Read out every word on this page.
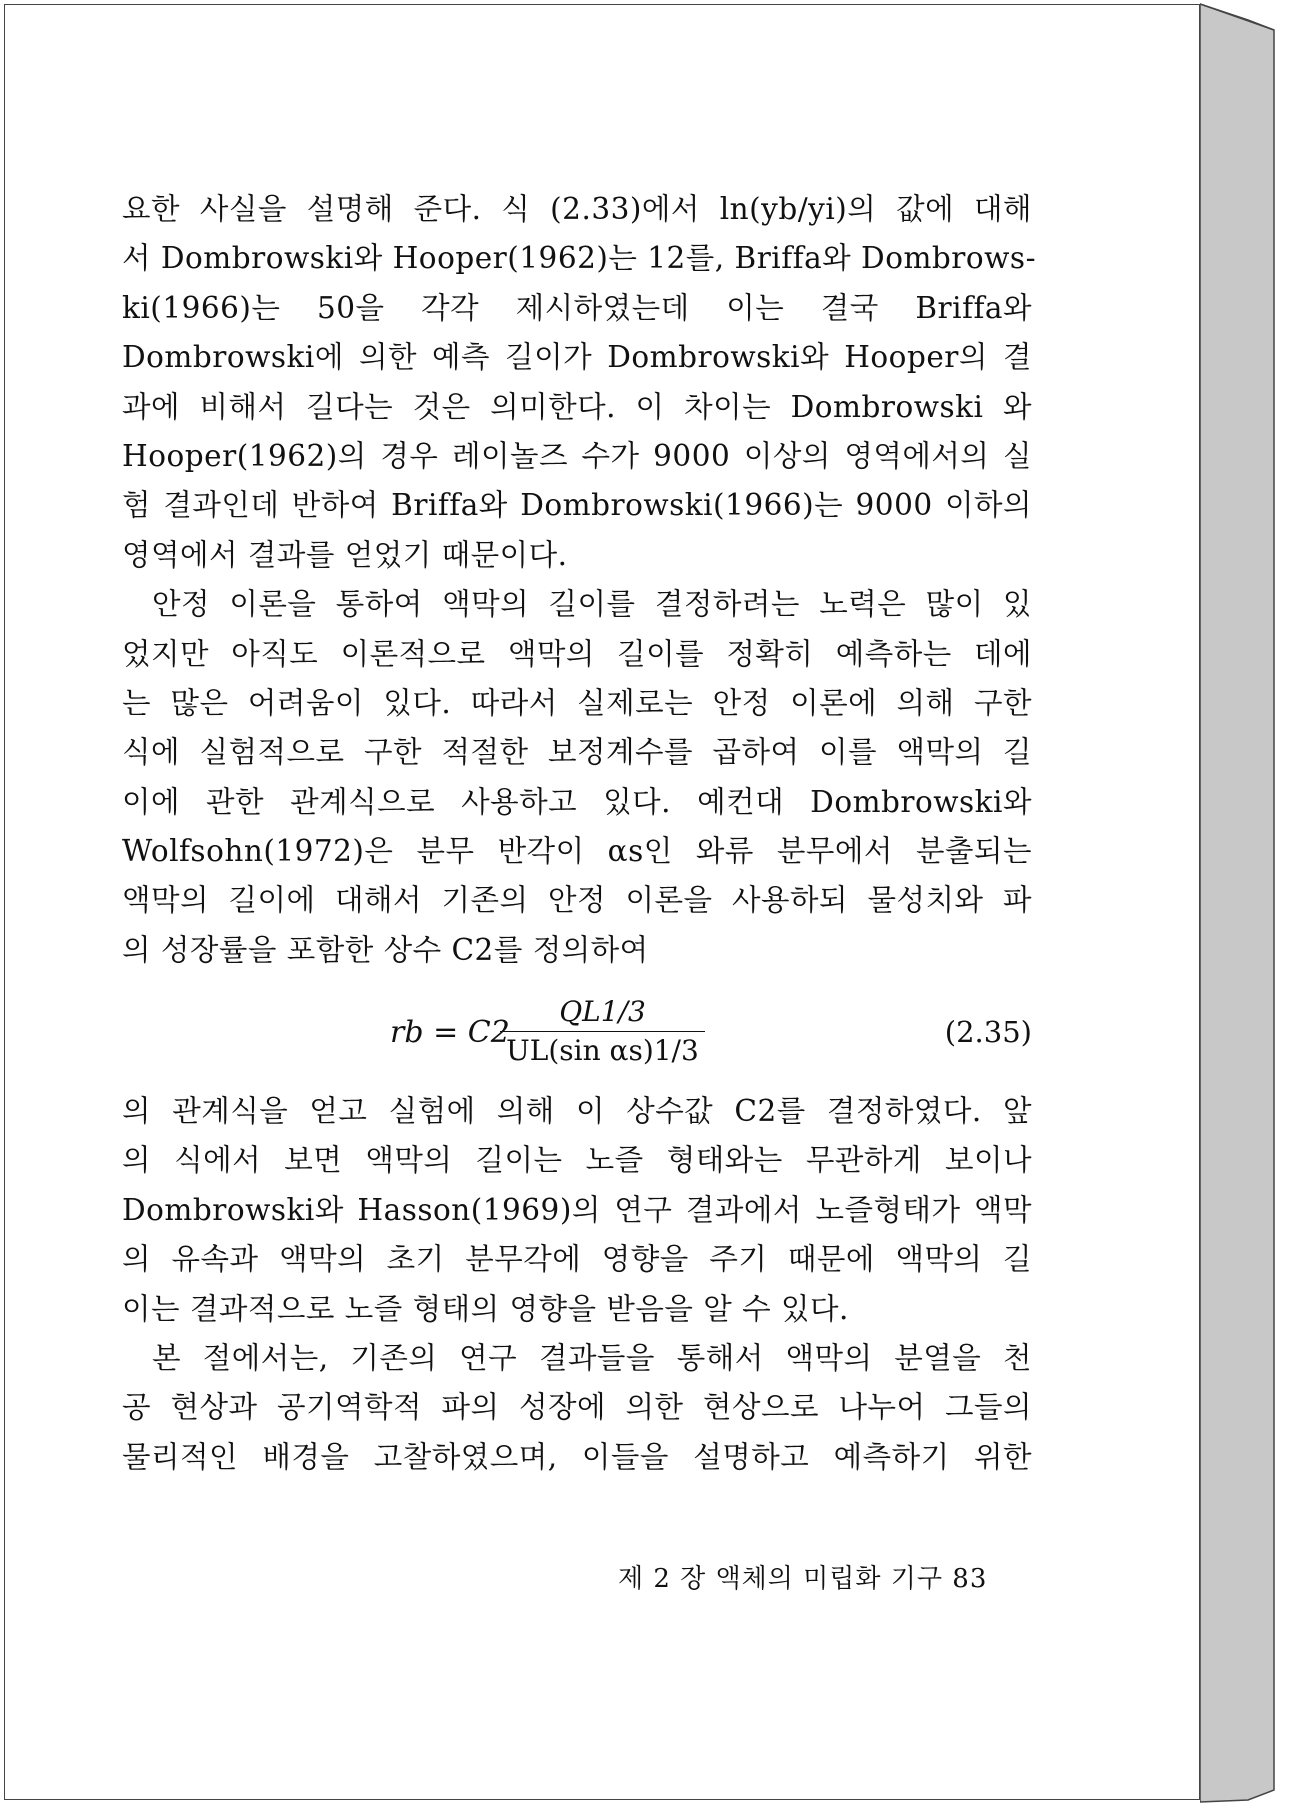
요한 사실을 설명해 준다. 식 (2.33)에서 ln(yb/yi)의 값에 대해
서 Dombrowski와 Hooper(1962)는 12를, Briffa와 Dombrows-
ki(1966)는 50을 각각 제시하였는데 이는 결국 Briffa와
Dombrowski에 의한 예측 길이가 Dombrowski와 Hooper의 결
과에 비해서 길다는 것은 의미한다. 이 차이는 Dombrowski 와
Hooper(1962)의 경우 레이놀즈 수가 9000 이상의 영역에서의 실
험 결과인데 반하여 Briffa와 Dombrowski(1966)는 9000 이하의
영역에서 결과를 얻었기 때문이다.
안정 이론을 통하여 액막의 길이를 결정하려는 노력은 많이 있
었지만 아직도 이론적으로 액막의 길이를 정확히 예측하는 데에
는 많은 어려움이 있다. 따라서 실제로는 안정 이론에 의해 구한
식에 실험적으로 구한 적절한 보정계수를 곱하여 이를 액막의 길
이에 관한 관계식으로 사용하고 있다. 예컨대 Dombrowski와
Wolfsohn(1972)은 분무 반각이 αs인 와류 분무에서 분출되는
액막의 길이에 대해서 기존의 안정 이론을 사용하되 물성치와 파
의 성장률을 포함한 상수 C2를 정의하여
rb = C2
QL1/3
UL(sin αs)1/3
(2.35)
의 관계식을 얻고 실험에 의해 이 상수값 C2를 결정하였다. 앞
의 식에서 보면 액막의 길이는 노즐 형태와는 무관하게 보이나
Dombrowski와 Hasson(1969)의 연구 결과에서 노즐형태가 액막
의 유속과 액막의 초기 분무각에 영향을 주기 때문에 액막의 길
이는 결과적으로 노즐 형태의 영향을 받음을 알 수 있다.
본 절에서는, 기존의 연구 결과들을 통해서 액막의 분열을 천
공 현상과 공기역학적 파의 성장에 의한 현상으로 나누어 그들의
물리적인 배경을 고찰하였으며, 이들을 설명하고 예측하기 위한
제 2 장 액체의 미립화 기구 83
